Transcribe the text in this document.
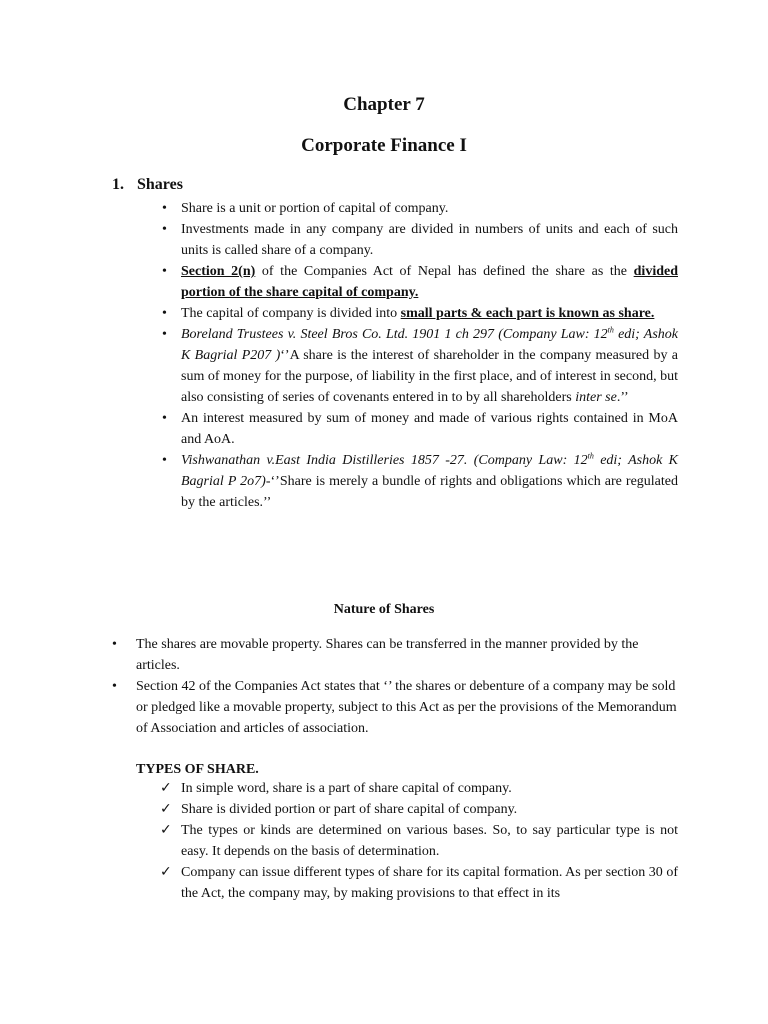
Chapter 7
Corporate Finance I
1. Shares
• Share is a unit or portion of capital of company.
• Investments made in any company are divided in numbers of units and each of such units is called share of a company.
• Section 2(n) of the Companies Act of Nepal has defined the share as the divided portion of the share capital of company.
• The capital of company is divided into small parts & each part is known as share.
• Boreland Trustees v. Steel Bros Co. Ltd. 1901 1 ch 297 (Company Law: 12th edi; Ashok K Bagrial P207 )‘’A share is the interest of shareholder in the company measured by a sum of money for the purpose, of liability in the first place, and of interest in second, but also consisting of series of covenants entered in to by all shareholders inter se.’’
• An interest measured by sum of money and made of various rights contained in MoA and AoA.
• Vishwanathan v.East India Distilleries 1857 -27. (Company Law: 12th edi; Ashok K Bagrial P 2o7)-‘’Share is merely a bundle of rights and obligations which are regulated by the articles.’’
Nature of Shares
• The shares are movable property. Shares can be transferred in the manner provided by the articles.
• Section 42 of the Companies Act states that ‘’ the shares or debenture of a company may be sold or pledged like a movable property, subject to this Act as per the provisions of the Memorandum of Association and articles of association.
TYPES OF SHARE.
✓ In simple word, share is a part of share capital of company.
✓ Share is divided portion or part of share capital of company.
✓ The types or kinds are determined on various bases. So, to say particular type is not easy. It depends on the basis of determination.
✓ Company can issue different types of share for its capital formation. As per section 30 of the Act, the company may, by making provisions to that effect in its
